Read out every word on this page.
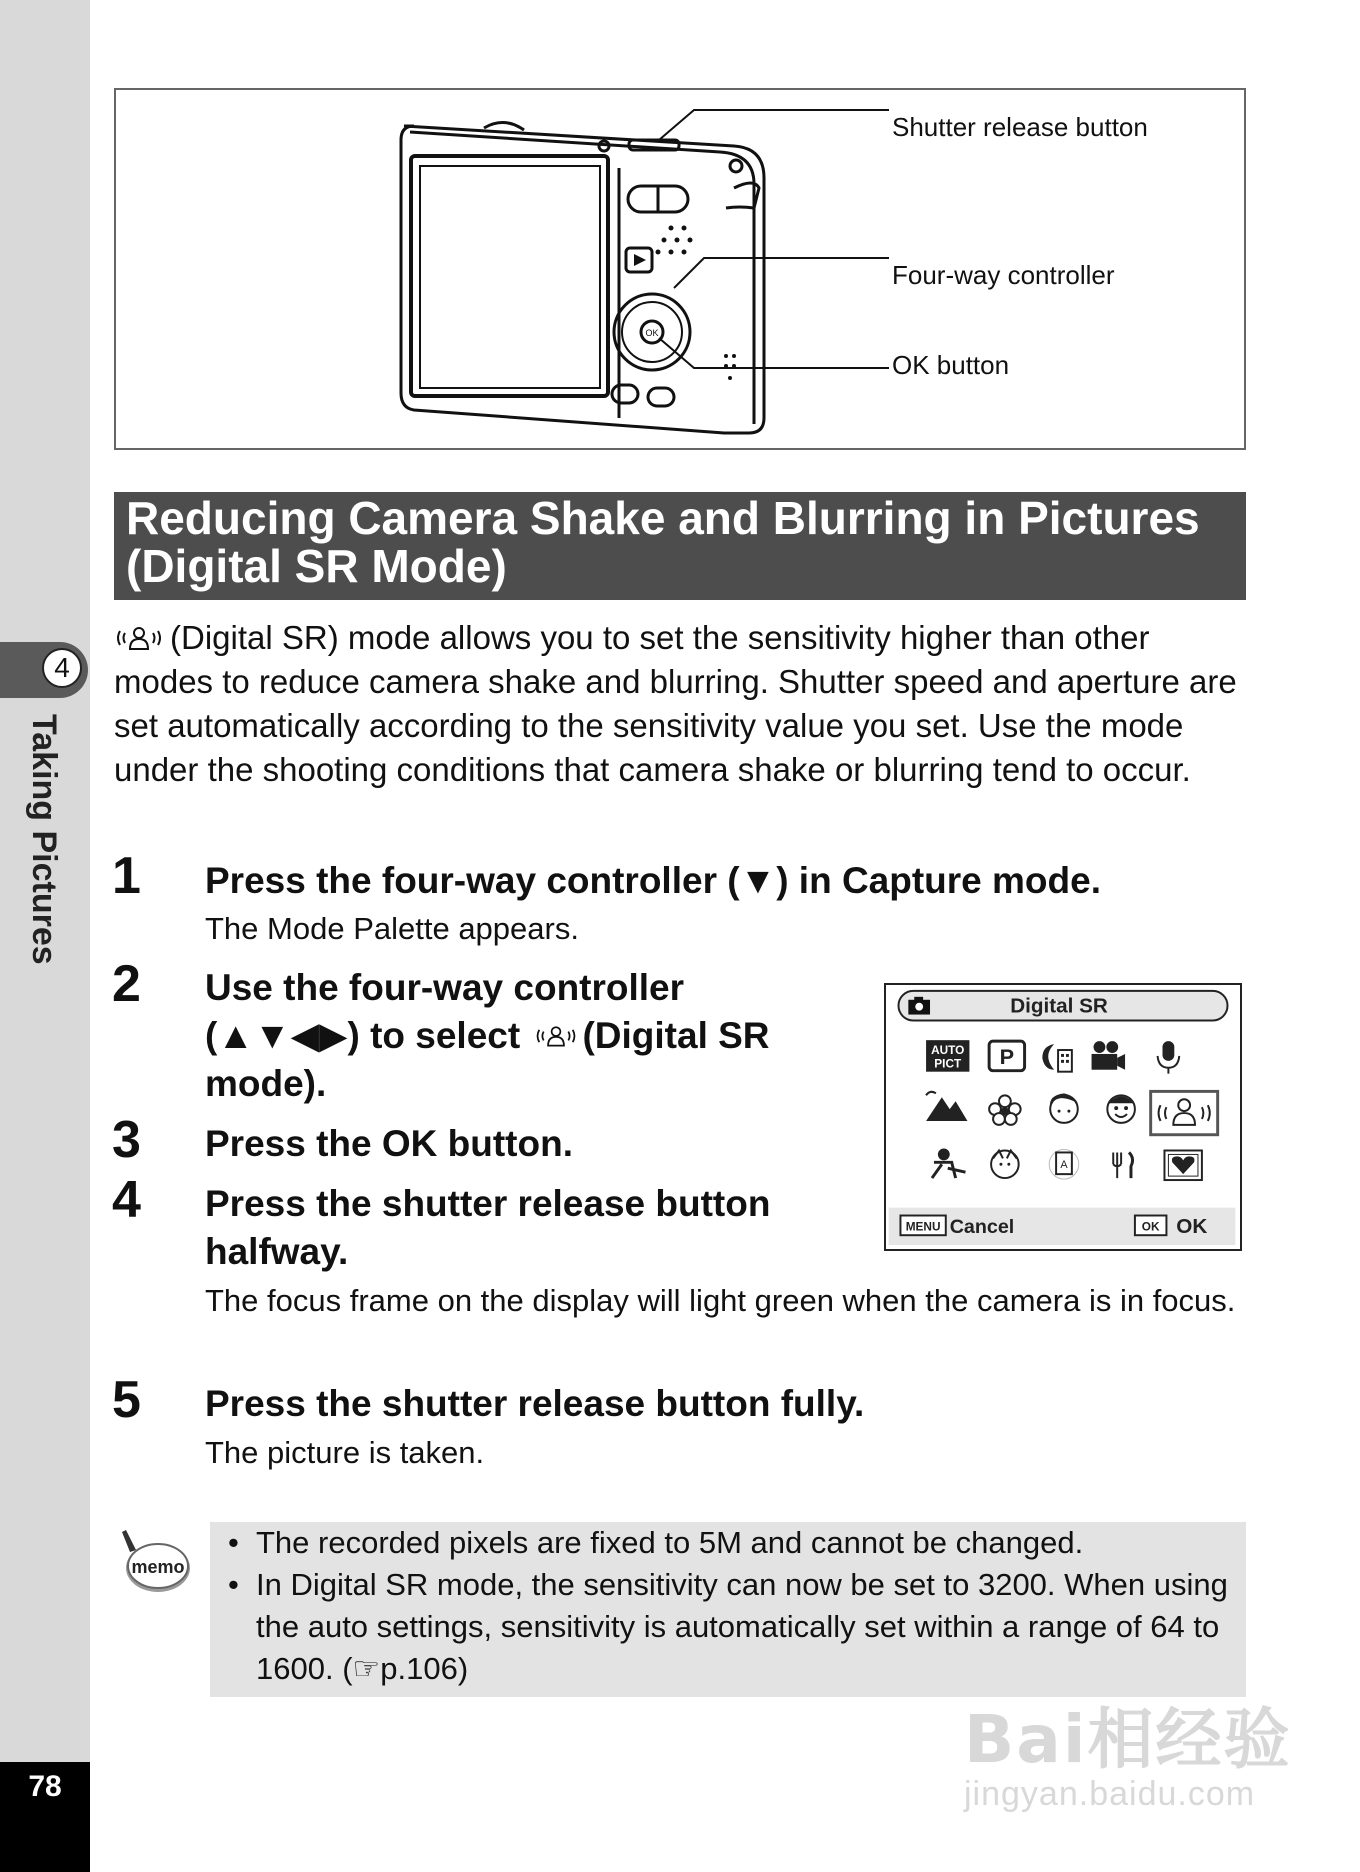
4
Taking Pictures
78
OK
Shutter release button
Four-way controller
OK button
Reducing Camera Shake and Blurring in Pictures
(Digital SR Mode)
(Digital SR) mode allows you to set the sensitivity higher than other modes to reduce camera shake and blurring. Shutter speed and aperture are set automatically according to the sensitivity value you set. Use the mode under the shooting conditions that camera shake or blurring tend to occur.
1 Press the four-way controller (▼) in Capture mode.
The Mode Palette appears.
2 Use the four-way controller
(▲▼◀▶) to select (Digital SR
mode).
3 Press the OK button.
4 Press the shutter release button
halfway.
The focus frame on the display will light green when the camera is in focus.
5 Press the shutter release button fully.
The picture is taken.
Digital SR
AUTO
PICT P
A
MENU Cancel	OK OK
memo
• The recorded pixels are fixed to 5M and cannot be changed.
• In Digital SR mode, the sensitivity can now be set to 3200. When using the auto settings, sensitivity is automatically set within a range of 64 to 1600. (☞p.106)
Bai相经验
jingyan.baidu.com
